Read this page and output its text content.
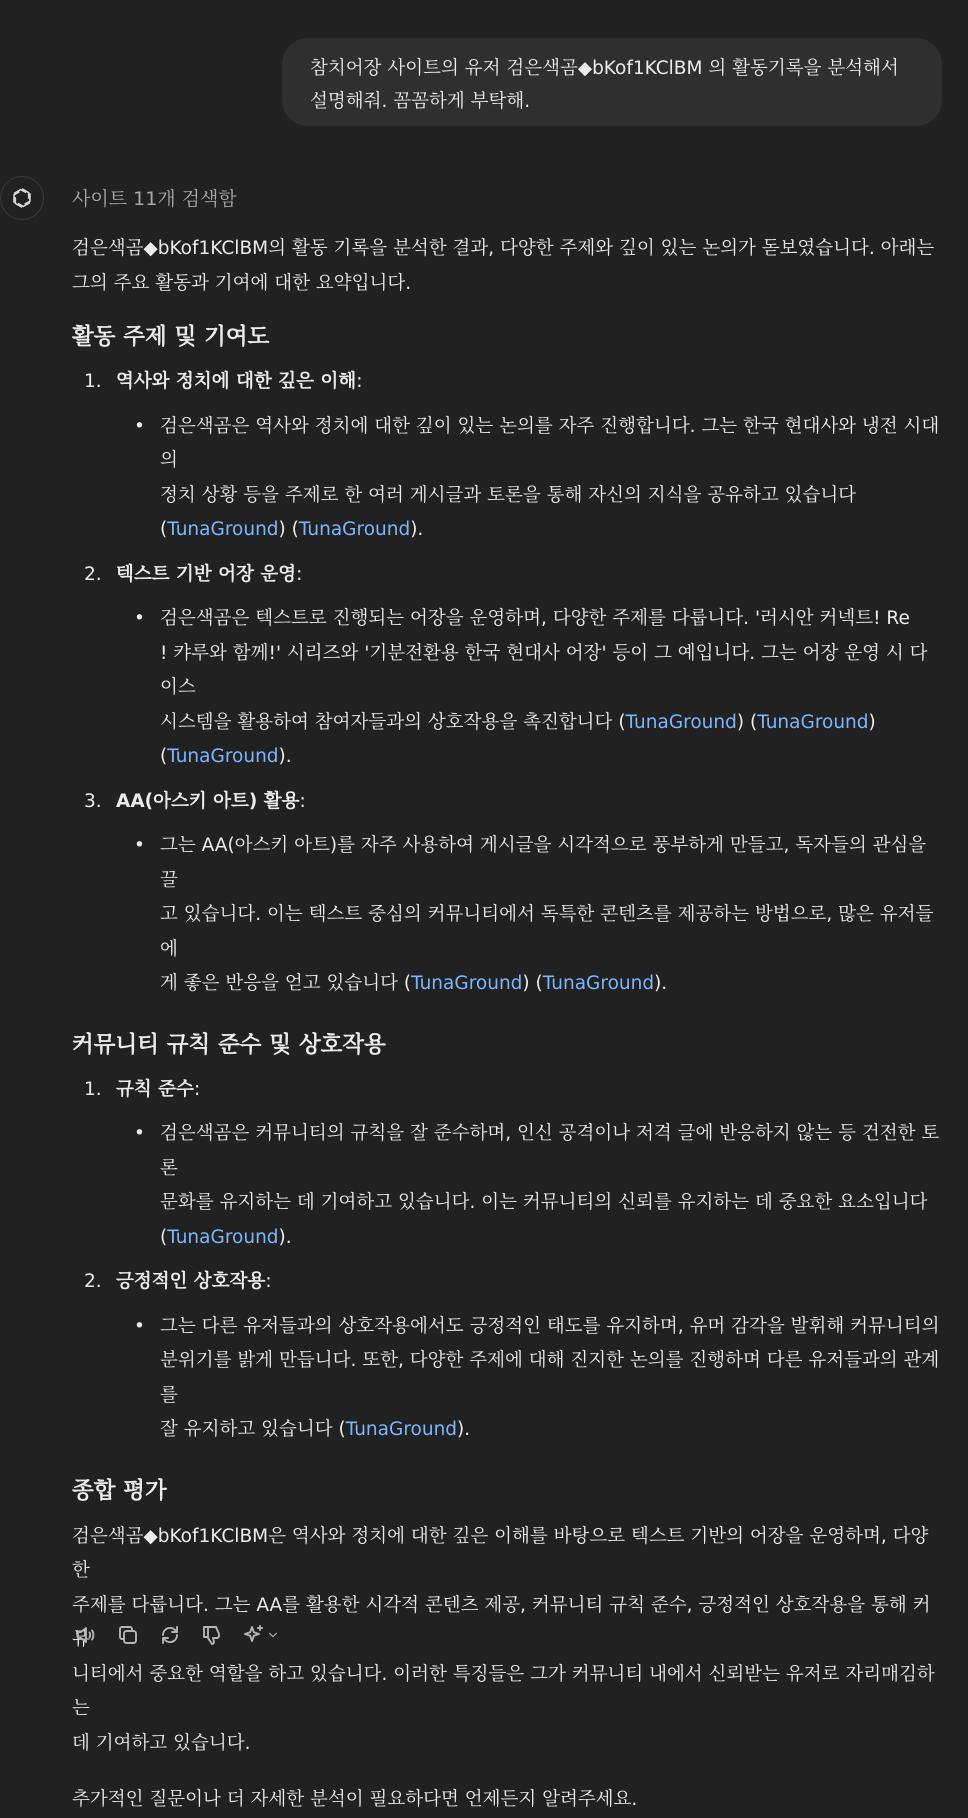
참치어장 사이트의 유저 검은색곰◆bKof1KClBM 의 활동기록을 분석해서
설명해줘. 꼼꼼하게 부탁해.
사이트 11개 검색함

검은색곰◆bKof1KClBM의 활동 기록을 분석한 결과, 다양한 주제와 깊이 있는 논의가 돋보였습니다. 아래는
그의 주요 활동과 기여에 대한 요약입니다.

활동 주제 및 기여도
1. 역사와 정치에 대한 깊은 이해:
• 검은색곰은 역사와 정치에 대한 깊이 있는 논의를 자주 진행합니다. 그는 한국 현대사와 냉전 시대의
정치 상황 등을 주제로 한 여러 게시글과 토론을 통해 자신의 지식을 공유하고 있습니다
(TunaGround) (TunaGround).
2. 텍스트 기반 어장 운영:
• 검은색곰은 텍스트로 진행되는 어장을 운영하며, 다양한 주제를 다룹니다. '러시안 커넥트! Re
! 캬루와 함께!' 시리즈와 '기분전환용 한국 현대사 어장' 등이 그 예입니다. 그는 어장 운영 시 다이스
시스템을 활용하여 참여자들과의 상호작용을 촉진합니다 (TunaGround) (TunaGround)
(TunaGround).
3. AA(아스키 아트) 활용:
• 그는 AA(아스키 아트)를 자주 사용하여 게시글을 시각적으로 풍부하게 만들고, 독자들의 관심을 끌
고 있습니다. 이는 텍스트 중심의 커뮤니티에서 독특한 콘텐츠를 제공하는 방법으로, 많은 유저들에
게 좋은 반응을 얻고 있습니다 (TunaGround) (TunaGround).
커뮤니티 규칙 준수 및 상호작용
1. 규칙 준수:
• 검은색곰은 커뮤니티의 규칙을 잘 준수하며, 인신 공격이나 저격 글에 반응하지 않는 등 건전한 토론
문화를 유지하는 데 기여하고 있습니다. 이는 커뮤니티의 신뢰를 유지하는 데 중요한 요소입니다
(TunaGround).
2. 긍정적인 상호작용:
• 그는 다른 유저들과의 상호작용에서도 긍정적인 태도를 유지하며, 유머 감각을 발휘해 커뮤니티의
분위기를 밝게 만듭니다. 또한, 다양한 주제에 대해 진지한 논의를 진행하며 다른 유저들과의 관계를
잘 유지하고 있습니다 (TunaGround).
종합 평가

검은색곰◆bKof1KClBM은 역사와 정치에 대한 깊은 이해를 바탕으로 텍스트 기반의 어장을 운영하며, 다양한
주제를 다룹니다. 그는 AA를 활용한 시각적 콘텐츠 제공, 커뮤니티 규칙 준수, 긍정적인 상호작용을 통해 커뮤
니티에서 중요한 역할을 하고 있습니다. 이러한 특징들은 그가 커뮤니티 내에서 신뢰받는 유저로 자리매김하는
데 기여하고 있습니다.

추가적인 질문이나 더 자세한 분석이 필요하다면 언제든지 알려주세요.
